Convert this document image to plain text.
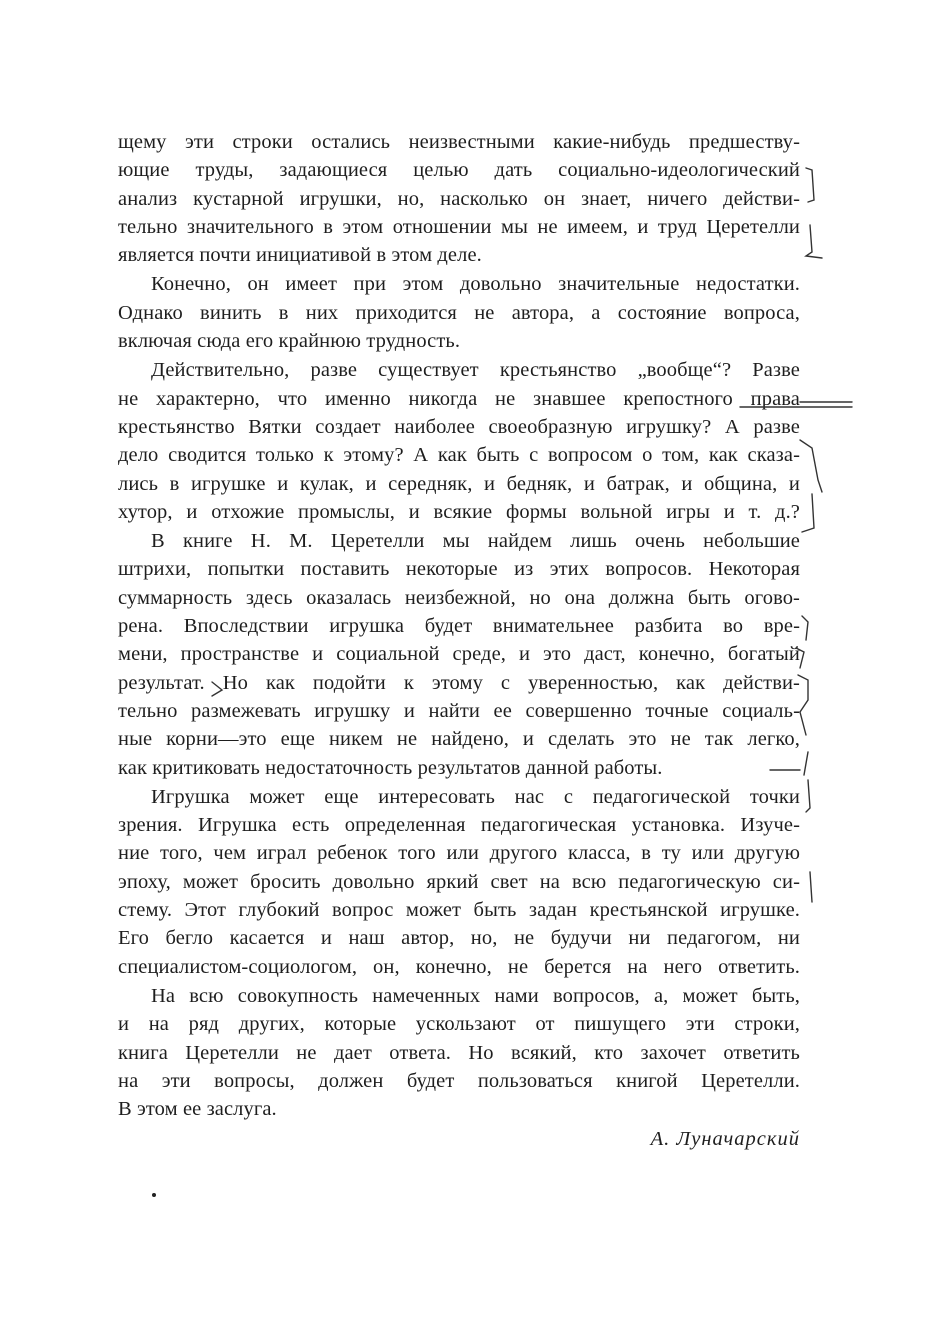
щему эти строки остались неизвестными какие-нибудь предшеству-
ющие труды, задающиеся целью дать социально-идеологический
анализ кустарной игрушки, но, насколько он знает, ничего действи-
тельно значительного в этом отношении мы не имеем, и труд Церетелли
является почти инициативой в этом деле.
Конечно, он имеет при этом довольно значительные недостатки.
Однако винить в них приходится не автора, а состояние вопроса,
включая сюда его крайнюю трудность.
Действительно, разве существует крестьянство „вообще“? Разве
не характерно, что именно никогда не знавшее крепостного права
крестьянство Вятки создает наиболее своеобразную игрушку? А разве
дело сводится только к этому? А как быть с вопросом о том, как сказа-
лись в игрушке и кулак, и середняк, и бедняк, и батрак, и община, и
хутор, и отхожие промыслы, и всякие формы вольной игры и т. д.?
В книге Н. М. Церетелли мы найдем лишь очень небольшие
штрихи, попытки поставить некоторые из этих вопросов. Некоторая
суммарность здесь оказалась неизбежной, но она должна быть огово-
рена. Впоследствии игрушка будет внимательнее разбита во вре-
мени, пространстве и социальной среде, и это даст, конечно, богатый
результат. Но как подойти к этому с уверенностью, как действи-
тельно размежевать игрушку и найти ее совершенно точные социаль-
ные корни—это еще никем не найдено, и сделать это не так легко,
как критиковать недостаточность результатов данной работы.
Игрушка может еще интересовать нас с педагогической точки
зрения. Игрушка есть определенная педагогическая установка. Изуче-
ние того, чем играл ребенок того или другого класса, в ту или другую
эпоху, может бросить довольно яркий свет на всю педагогическую си-
стему. Этот глубокий вопрос может быть задан крестьянской игрушке.
Его бегло касается и наш автор, но, не будучи ни педагогом, ни
специалистом-социологом, он, конечно, не берется на него ответить.
На всю совокупность намеченных нами вопросов, а, может быть,
и на ряд других, которые ускользают от пишущего эти строки,
книга Церетелли не дает ответа. Но всякий, кто захочет ответить
на эти вопросы, должен будет пользоваться книгой Церетелли.
В этом ее заслуга.
А. Луначарский
